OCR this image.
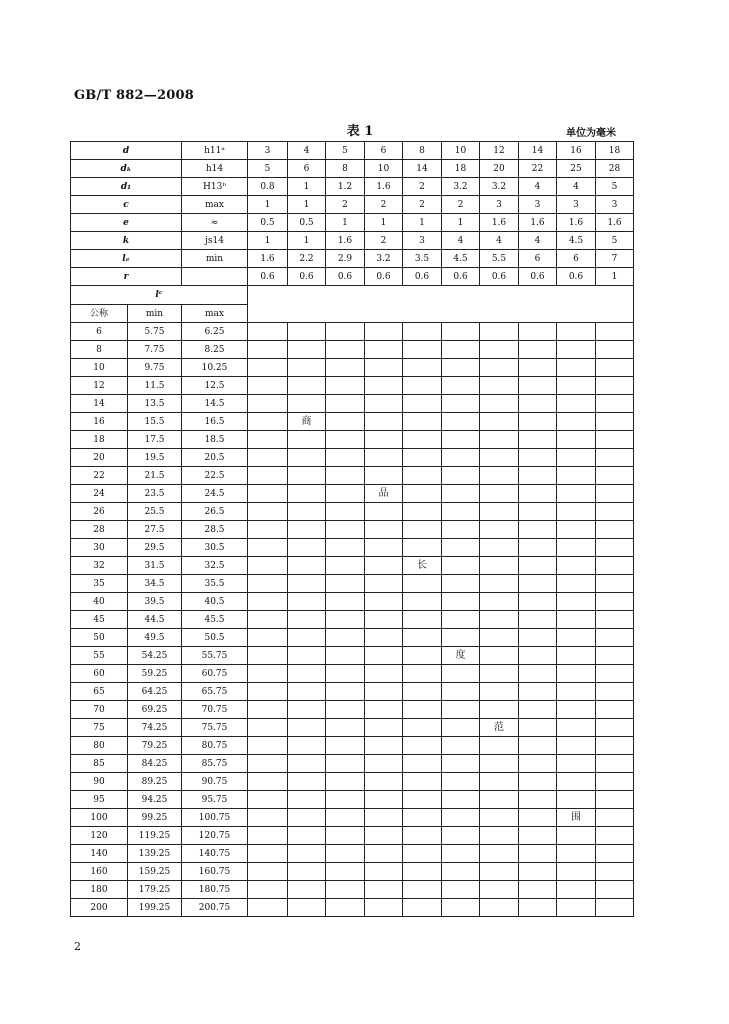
GB/T 882—2008
表 1	单位为毫米
d		h11ᵃ	3	4	5	6	8	10	12	14	16	18
dₖ		h14	5	6	8	10	14	18	20	22	25	28
d₁		H13ᵇ	0.8	1	1.2	1.6	2	3.2	3.2	4	4	5
c		max	1	1	2	2	2	2	3	3	3	3
e		≈	0.5	0.5	1	1	1	1	1.6	1.6	1.6	1.6
k		js14	1	1	1.6	2	3	4	4	4	4.5	5
lₑ		min	1.6	2.2	2.9	3.2	3.5	4.5	5.5	6	6	7
r			0.6	0.6	0.6	0.6	0.6	0.6	0.6	0.6	0.6	1
lᶜ												
公称	min	max										
6	5.75	6.25										
8	7.75	8.25										
10	9.75	10.25										
12	11.5	12.5										
14	13.5	14.5										
16	15.5	16.5		商								
18	17.5	18.5										
20	19.5	20.5										
22	21.5	22.5										
24	23.5	24.5				品						
26	25.5	26.5										
28	27.5	28.5										
30	29.5	30.5										
32	31.5	32.5					长					
35	34.5	35.5										
40	39.5	40.5										
45	44.5	45.5										
50	49.5	50.5										
55	54.25	55.75						度				
60	59.25	60.75										
65	64.25	65.75										
70	69.25	70.75										
75	74.25	75.75							范			
80	79.25	80.75										
85	84.25	85.75										
90	89.25	90.75										
95	94.25	95.75										
100	99.25	100.75									围	
120	119.25	120.75										
140	139.25	140.75										
160	159.25	160.75										
180	179.25	180.75										
200	199.25	200.75										
2
